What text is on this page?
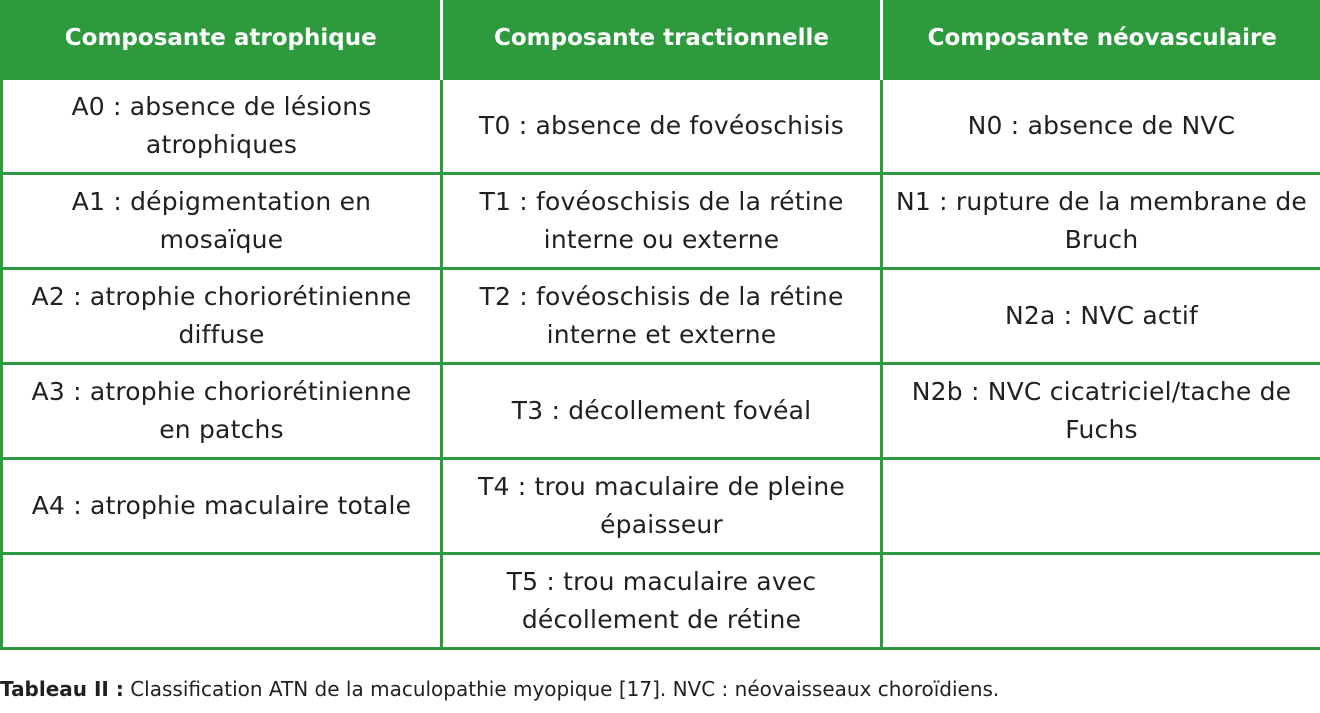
Composante atrophique	Composante tractionnelle	Composante néovasculaire
A0 : absence de lésions atrophiques	T0 : absence de fovéoschisis	N0 : absence de NVC
A1 : dépigmentation en mosaïque	T1 : fovéoschisis de la rétine interne ou externe	N1 : rupture de la membrane de Bruch
A2 : atrophie choriorétinienne diffuse	T2 : fovéoschisis de la rétine interne et externe	N2a : NVC actif
A3 : atrophie choriorétinienne en patchs	T3 : décollement fovéal	N2b : NVC cicatriciel/tache de Fuchs
A4 : atrophie maculaire totale	T4 : trou maculaire de pleine épaisseur	
	T5 : trou maculaire avec décollement de rétine	
Tableau II : Classification ATN de la maculopathie myopique [17]. NVC : néovaisseaux choroïdiens.
